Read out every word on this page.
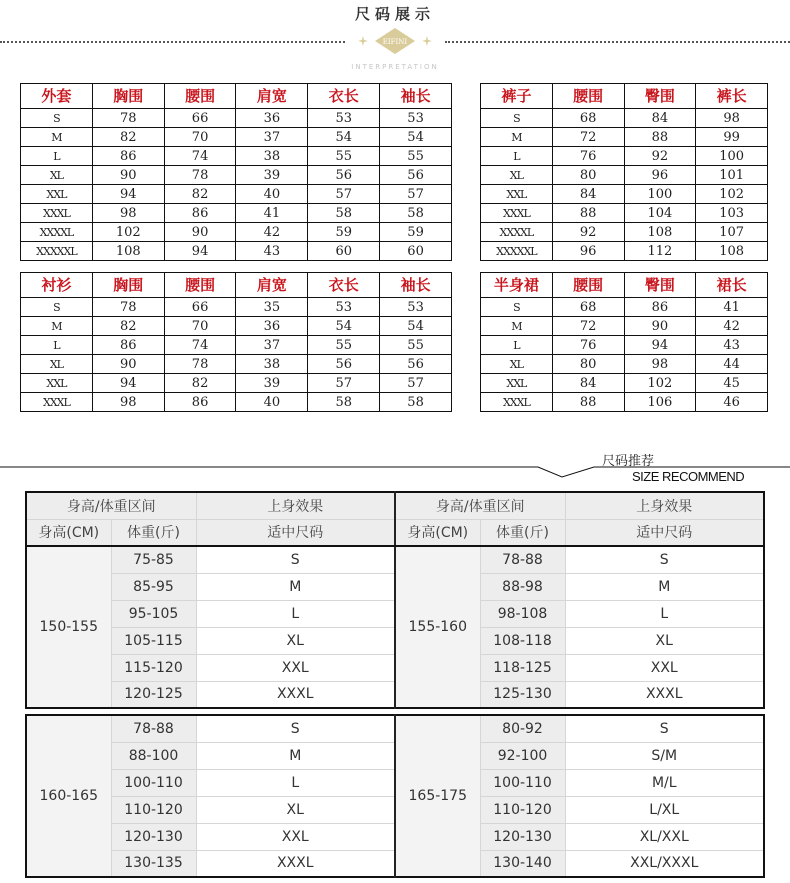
尺码展示
EIFINI
INTERPRETATION
外套	胸围	腰围	肩宽	衣长	袖长
S	78	66	36	53	53
M	82	70	37	54	54
L	86	74	38	55	55
XL	90	78	39	56	56
XXL	94	82	40	57	57
XXXL	98	86	41	58	58
XXXXL	102	90	42	59	59
XXXXXL	108	94	43	60	60
裤子	腰围	臀围	裤长
S	68	84	98
M	72	88	99
L	76	92	100
XL	80	96	101
XXL	84	100	102
XXXL	88	104	103
XXXXL	92	108	107
XXXXXL	96	112	108
衬衫	胸围	腰围	肩宽	衣长	袖长
S	78	66	35	53	53
M	82	70	36	54	54
L	86	74	37	55	55
XL	90	78	38	56	56
XXL	94	82	39	57	57
XXXL	98	86	40	58	58
半身裙	腰围	臀围	裙长
S	68	86	41
M	72	90	42
L	76	94	43
XL	80	98	44
XXL	84	102	45
XXXL	88	106	46
尺码推荐
SIZE RECOMMEND
身高/体重区间		上身效果	身高/体重区间		上身效果
身高(CM)	体重(斤)	适中尺码	身高(CM)	体重(斤)	适中尺码
150-155	75-85	S	155-160	78-88	S
	85-95	M		88-98	M
	95-105	L		98-108	L
	105-115	XL		108-118	XL
	115-120	XXL		118-125	XXL
	120-125	XXXL		125-130	XXXL
160-165	78-88	S	165-175	80-92	S
	88-100	M		92-100	S/M
	100-110	L		100-110	M/L
	110-120	XL		110-120	L/XL
	120-130	XXL		120-130	XL/XXL
	130-135	XXXL		130-140	XXL/XXXL
